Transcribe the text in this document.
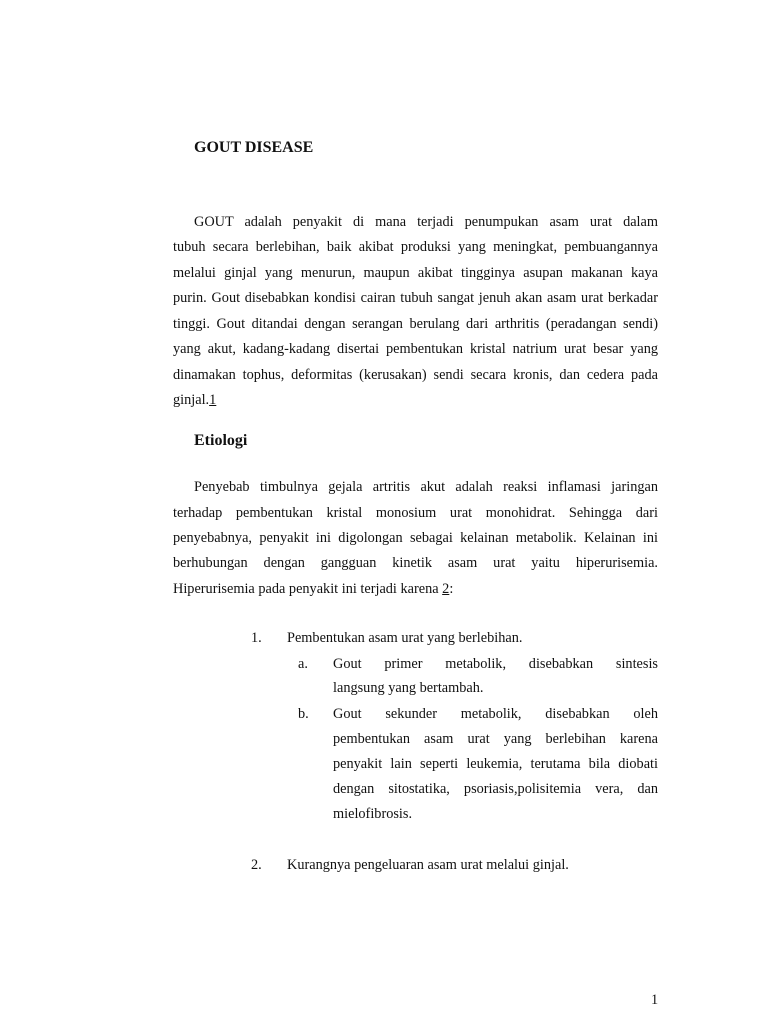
GOUT DISEASE
GOUT adalah penyakit di mana terjadi penumpukan asam urat dalam
tubuh secara berlebihan, baik akibat produksi yang meningkat, pembuangannya
melalui ginjal yang menurun, maupun akibat tingginya asupan makanan kaya
purin. Gout disebabkan kondisi cairan tubuh sangat jenuh akan asam urat berkadar
tinggi. Gout ditandai dengan serangan berulang dari arthritis (peradangan sendi)
yang akut, kadang-kadang disertai pembentukan kristal natrium urat besar yang
dinamakan tophus, deformitas (kerusakan) sendi secara kronis, dan cedera pada
ginjal.1
Etiologi
Penyebab timbulnya gejala artritis akut adalah reaksi inflamasi jaringan
terhadap pembentukan kristal monosium urat monohidrat. Sehingga dari
penyebabnya, penyakit ini digolongan sebagai kelainan metabolik. Kelainan ini
berhubungan dengan gangguan kinetik asam urat yaitu hiperurisemia.
Hiperurisemia pada penyakit ini terjadi karena 2:
1. Pembentukan asam urat yang berlebihan.
a. Gout primer metabolik, disebabkan sintesis
langsung yang bertambah.
b. Gout sekunder metabolik, disebabkan oleh
pembentukan asam urat yang berlebihan karena
penyakit lain seperti leukemia, terutama bila diobati
dengan sitostatika, psoriasis,polisitemia vera, dan
mielofibrosis.
2. Kurangnya pengeluaran asam urat melalui ginjal.
1
